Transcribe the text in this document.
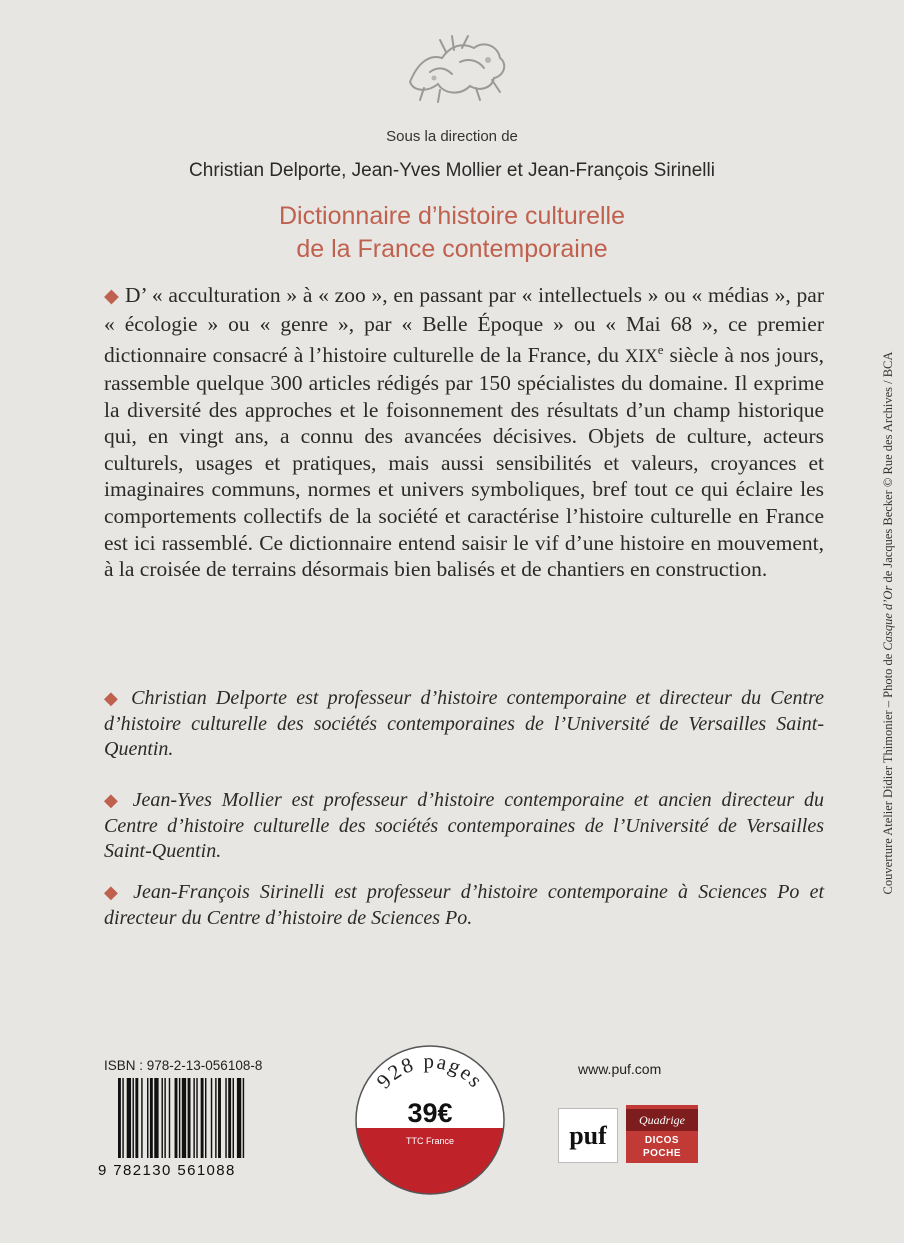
Sous la direction de
Christian Delporte, Jean-Yves Mollier et Jean-François Sirinelli
Dictionnaire d’histoire culturelle
de la France contemporaine

◆ D’ « acculturation » à « zoo », en passant par « intellectuels » ou « médias », par « écologie » ou « genre », par « Belle Époque » ou « Mai 68 », ce premier dictionnaire consacré à l’histoire culturelle de la France, du XIXe siècle à nos jours, rassemble quelque 300 articles rédigés par 150 spécialistes du domaine. Il exprime la diversité des approches et le foisonnement des résultats d’un champ historique qui, en vingt ans, a connu des avancées décisives. Objets de culture, acteurs culturels, usages et pratiques, mais aussi sensibilités et valeurs, croyances et imaginaires communs, normes et univers symboliques, bref tout ce qui éclaire les comportements collectifs de la société et caractérise l’histoire culturelle en France est ici rassemblé. Ce dictionnaire entend saisir le vif d’une histoire en mouvement, à la croisée de terrains désormais bien balisés et de chantiers en construction.

◆ Christian Delporte est professeur d’histoire contemporaine et directeur du Centre d’histoire culturelle des sociétés contemporaines de l’Université de Versailles Saint-Quentin.

◆ Jean-Yves Mollier est professeur d’histoire contemporaine et ancien directeur du Centre d’histoire culturelle des sociétés contemporaines de l’Université de Versailles Saint-Quentin.

◆ Jean-François Sirinelli est professeur d’histoire contemporaine à Sciences Po et directeur du Centre d’histoire de Sciences Po.

Couverture Atelier Didier Thimonier – Photo de Casque d’Or de Jacques Becker © Rue des Archives / BCA
ISBN : 978-2-13-056108-8
9 782130 561088
928 pages
39€
TTC France
www.puf.com
puf
Quadrige
DICOS
POCHE
